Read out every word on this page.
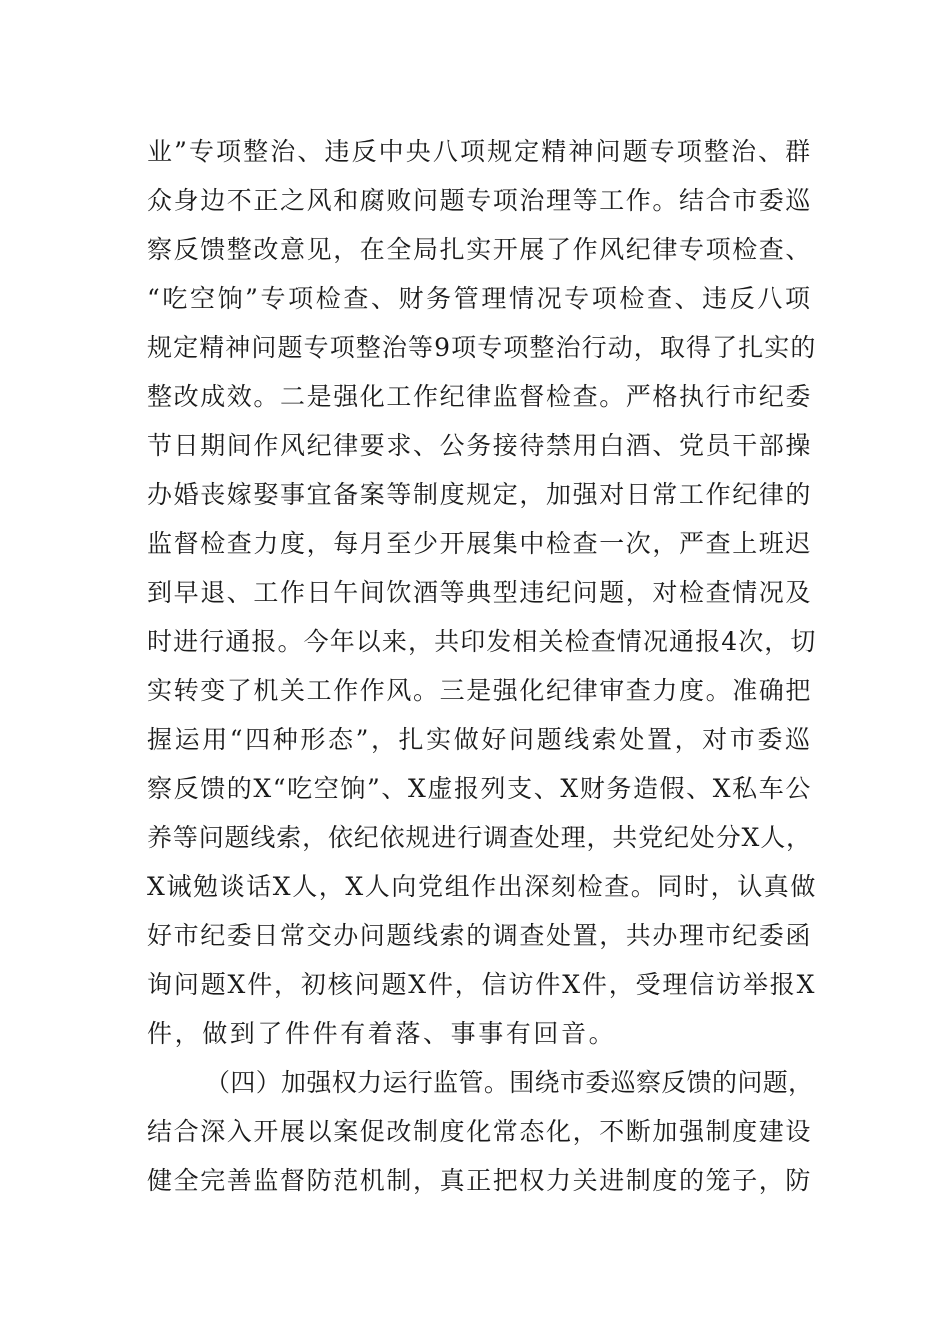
业”专项整治、违反中央八项规定精神问题专项整治、群
众身边不正之风和腐败问题专项治理等工作。结合市委巡
察反馈整改意见，在全局扎实开展了作风纪律专项检查、
“吃空饷”专项检查、财务管理情况专项检查、违反八项
规定精神问题专项整治等9项专项整治行动，取得了扎实的
整改成效。二是强化工作纪律监督检查。严格执行市纪委
节日期间作风纪律要求、公务接待禁用白酒、党员干部操
办婚丧嫁娶事宜备案等制度规定，加强对日常工作纪律的
监督检查力度，每月至少开展集中检查一次，严查上班迟
到早退、工作日午间饮酒等典型违纪问题，对检查情况及
时进行通报。今年以来，共印发相关检查情况通报4次，切
实转变了机关工作作风。三是强化纪律审查力度。准确把
握运用“四种形态”，扎实做好问题线索处置，对市委巡
察反馈的X“吃空饷”、X虚报列支、X财务造假、X私车公
养等问题线索，依纪依规进行调查处理，共党纪处分X人，
X诫勉谈话X人，X人向党组作出深刻检查。同时，认真做
好市纪委日常交办问题线索的调查处置，共办理市纪委函
询问题X件，初核问题X件，信访件X件，受理信访举报X
件，做到了件件有着落、事事有回音。
（四）加强权力运行监管。围绕市委巡察反馈的问题，
结合深入开展以案促改制度化常态化，不断加强制度建设
健全完善监督防范机制，真正把权力关进制度的笼子，防
